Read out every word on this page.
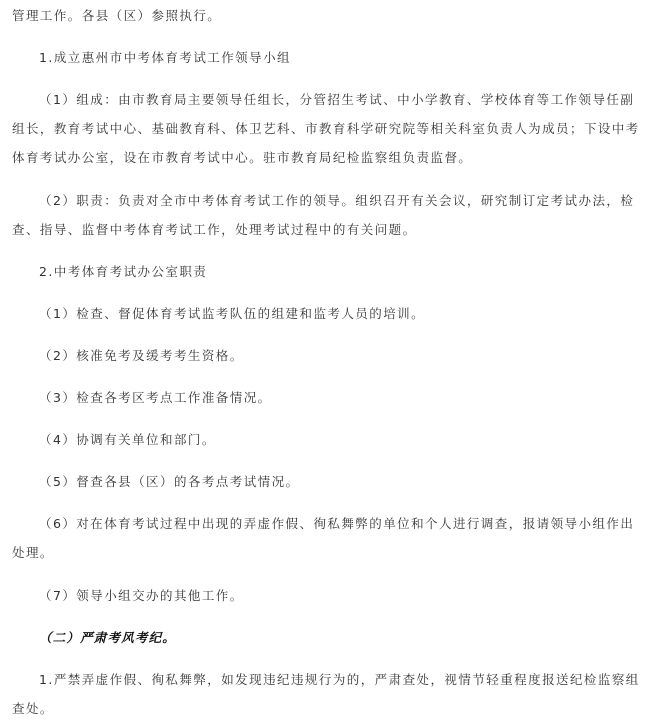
管理工作。各县（区）参照执行。
1.成立惠州市中考体育考试工作领导小组
（1）组成：由市教育局主要领导任组长，分管招生考试、中小学教育、学校体育等工作领导任副
组长，教育考试中心、基础教育科、体卫艺科、市教育科学研究院等相关科室负责人为成员；下设中考
体育考试办公室，设在市教育考试中心。驻市教育局纪检监察组负责监督。
（2）职责：负责对全市中考体育考试工作的领导。组织召开有关会议，研究制订定考试办法，检
查、指导、监督中考体育考试工作，处理考试过程中的有关问题。
2.中考体育考试办公室职责
（1）检查、督促体育考试监考队伍的组建和监考人员的培训。
（2）核准免考及缓考考生资格。
（3）检查各考区考点工作准备情况。
（4）协调有关单位和部门。
（5）督查各县（区）的各考点考试情况。
（6）对在体育考试过程中出现的弄虚作假、徇私舞弊的单位和个人进行调查，报请领导小组作出
处理。
（7）领导小组交办的其他工作。
（二）严肃考风考纪。
1.严禁弄虚作假、徇私舞弊，如发现违纪违规行为的，严肃查处，视情节轻重程度报送纪检监察组
查处。
